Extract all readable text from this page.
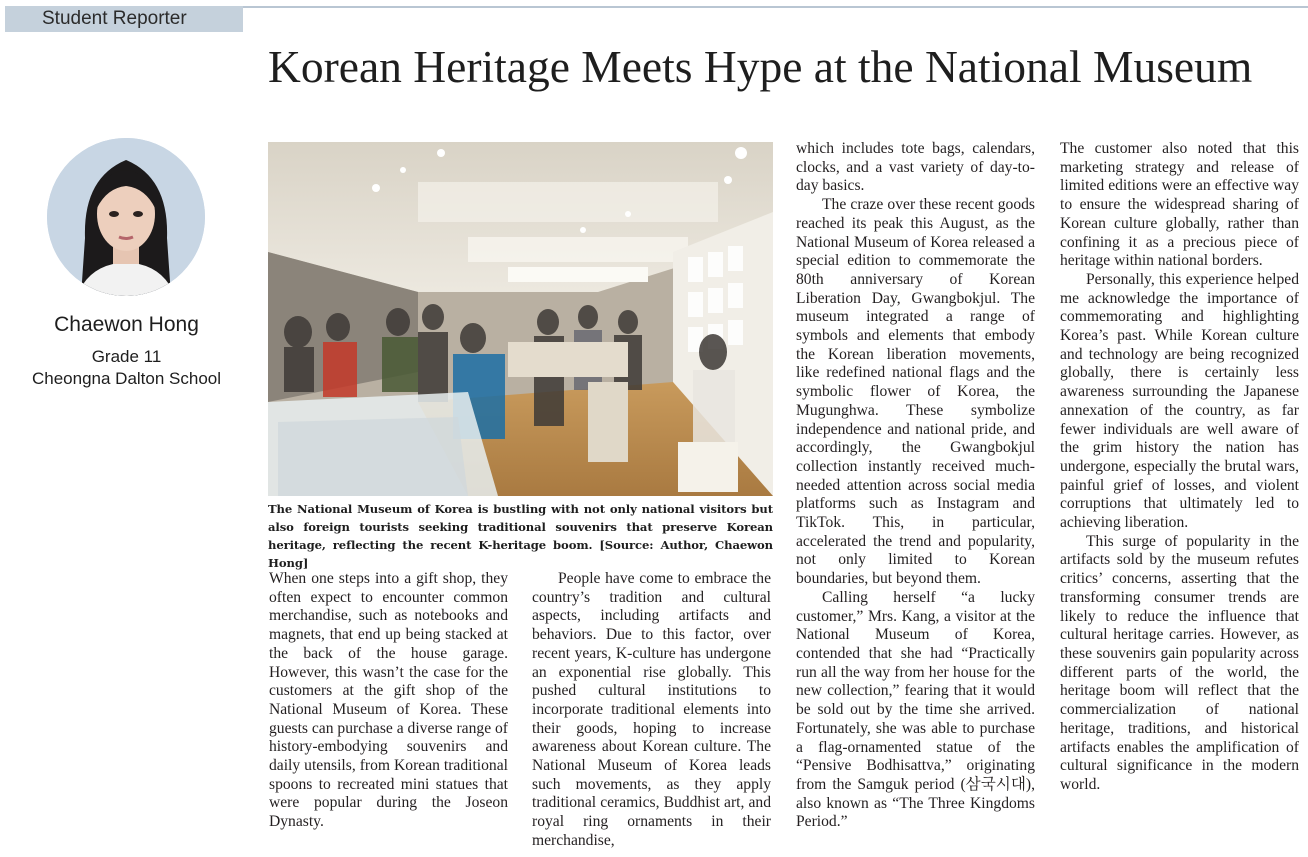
Student Reporter
Korean Heritage Meets Hype at the National Museum
Chaewon Hong
Grade 11
Cheongna Dalton School

The National Museum of Korea is bustling with not only national visitors but also foreign tourists seeking traditional souvenirs that preserve Korean heritage, reflecting the recent K-heritage boom. [Source: Author, Chaewon Hong]

When one steps into a gift shop, they often expect to encounter common merchandise, such as notebooks and magnets, that end up being stacked at the back of the house garage. However, this wasn’t the case for the customers at the gift shop of the National Museum of Korea. These guests can purchase a diverse range of history-embodying souvenirs and daily utensils, from Korean traditional spoons to recreated mini statues that were popular during the Joseon Dynasty.

People have come to embrace the country’s tradition and cultural aspects, including artifacts and behaviors. Due to this factor, over recent years, K-culture has undergone an exponential rise globally. This pushed cultural institutions to incorporate traditional elements into their goods, hoping to increase awareness about Korean culture. The National Museum of Korea leads such movements, as they apply traditional ceramics, Buddhist art, and royal ring ornaments in their merchandise,

which includes tote bags, calendars, clocks, and a vast variety of day-to-day basics.

The craze over these recent goods reached its peak this August, as the National Museum of Korea released a special edition to commemorate the 80th anniversary of Korean Liberation Day, Gwangbokjul. The museum integrated a range of symbols and elements that embody the Korean liberation movements, like redefined national flags and the symbolic flower of Korea, the Mugunghwa. These symbolize independence and national pride, and accordingly, the Gwangbokjul collection instantly received much-needed attention across social media platforms such as Instagram and TikTok. This, in particular, accelerated the trend and popularity, not only limited to Korean boundaries, but beyond them.

Calling herself “a lucky customer,” Mrs. Kang, a visitor at the National Museum of Korea, contended that she had “Practically run all the way from her house for the new collection,” fearing that it would be sold out by the time she arrived. Fortunately, she was able to purchase a flag-ornamented statue of the “Pensive Bodhisattva,” originating from the Samguk period (삼국시대), also known as “The Three Kingdoms Period.”

The customer also noted that this marketing strategy and release of limited editions were an effective way to ensure the widespread sharing of Korean culture globally, rather than confining it as a precious piece of heritage within national borders.

Personally, this experience helped me acknowledge the importance of commemorating and highlighting Korea’s past. While Korean culture and technology are being recognized globally, there is certainly less awareness surrounding the Japanese annexation of the country, as far fewer individuals are well aware of the grim history the nation has undergone, especially the brutal wars, painful grief of losses, and violent corruptions that ultimately led to achieving liberation.

This surge of popularity in the artifacts sold by the museum refutes critics’ concerns, asserting that the transforming consumer trends are likely to reduce the influence that cultural heritage carries. However, as these souvenirs gain popularity across different parts of the world, the heritage boom will reflect that the commercialization of national heritage, traditions, and historical artifacts enables the amplification of cultural significance in the modern world.
